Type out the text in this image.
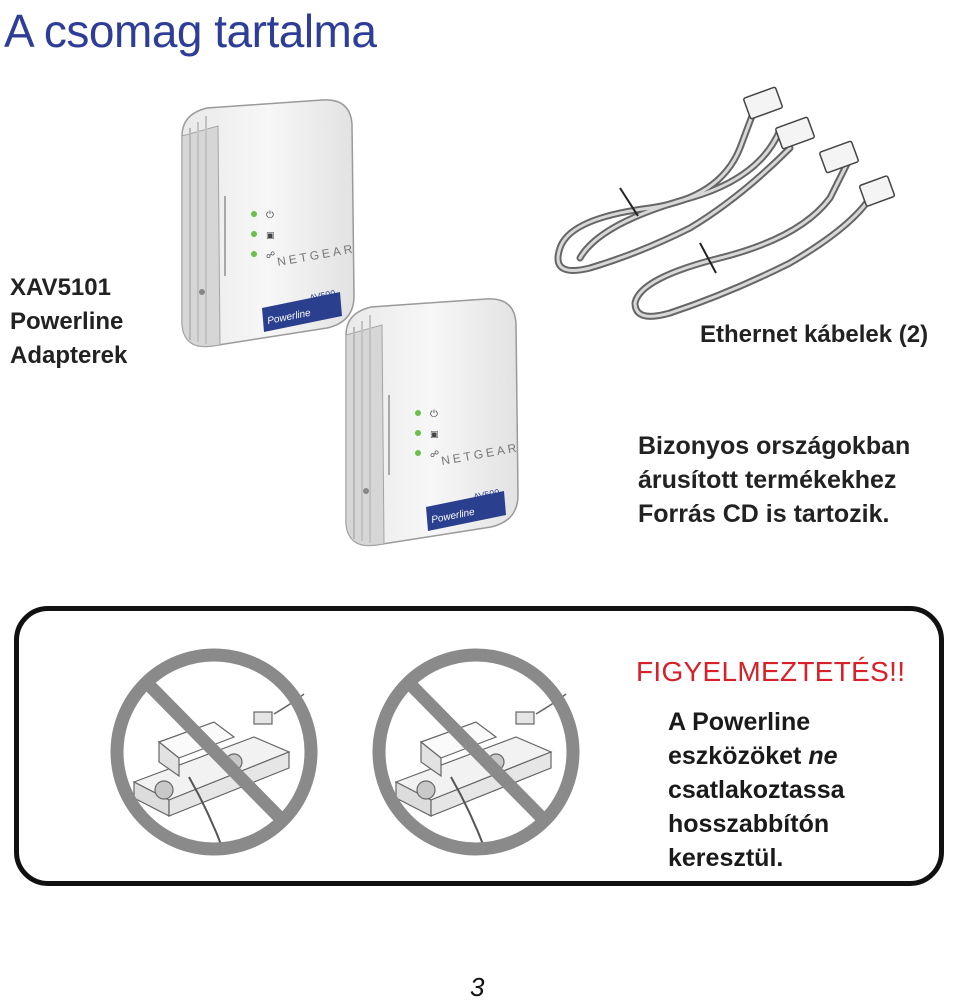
A csomag tartalma
XAV5101
Powerline
Adapterek
⏻
▣
☍ NETGEAR
Powerline
AV500
⏻
▣
☍ NETGEAR
Powerline
AV500
Ethernet kábelek (2)
Bizonyos országokban
árusított termékekhez
Forrás CD is tartozik.
FIGYELMEZTETÉS!!
A Powerline
eszközöket ne
csatlakoztassa
hosszabbítón
keresztül.
3
